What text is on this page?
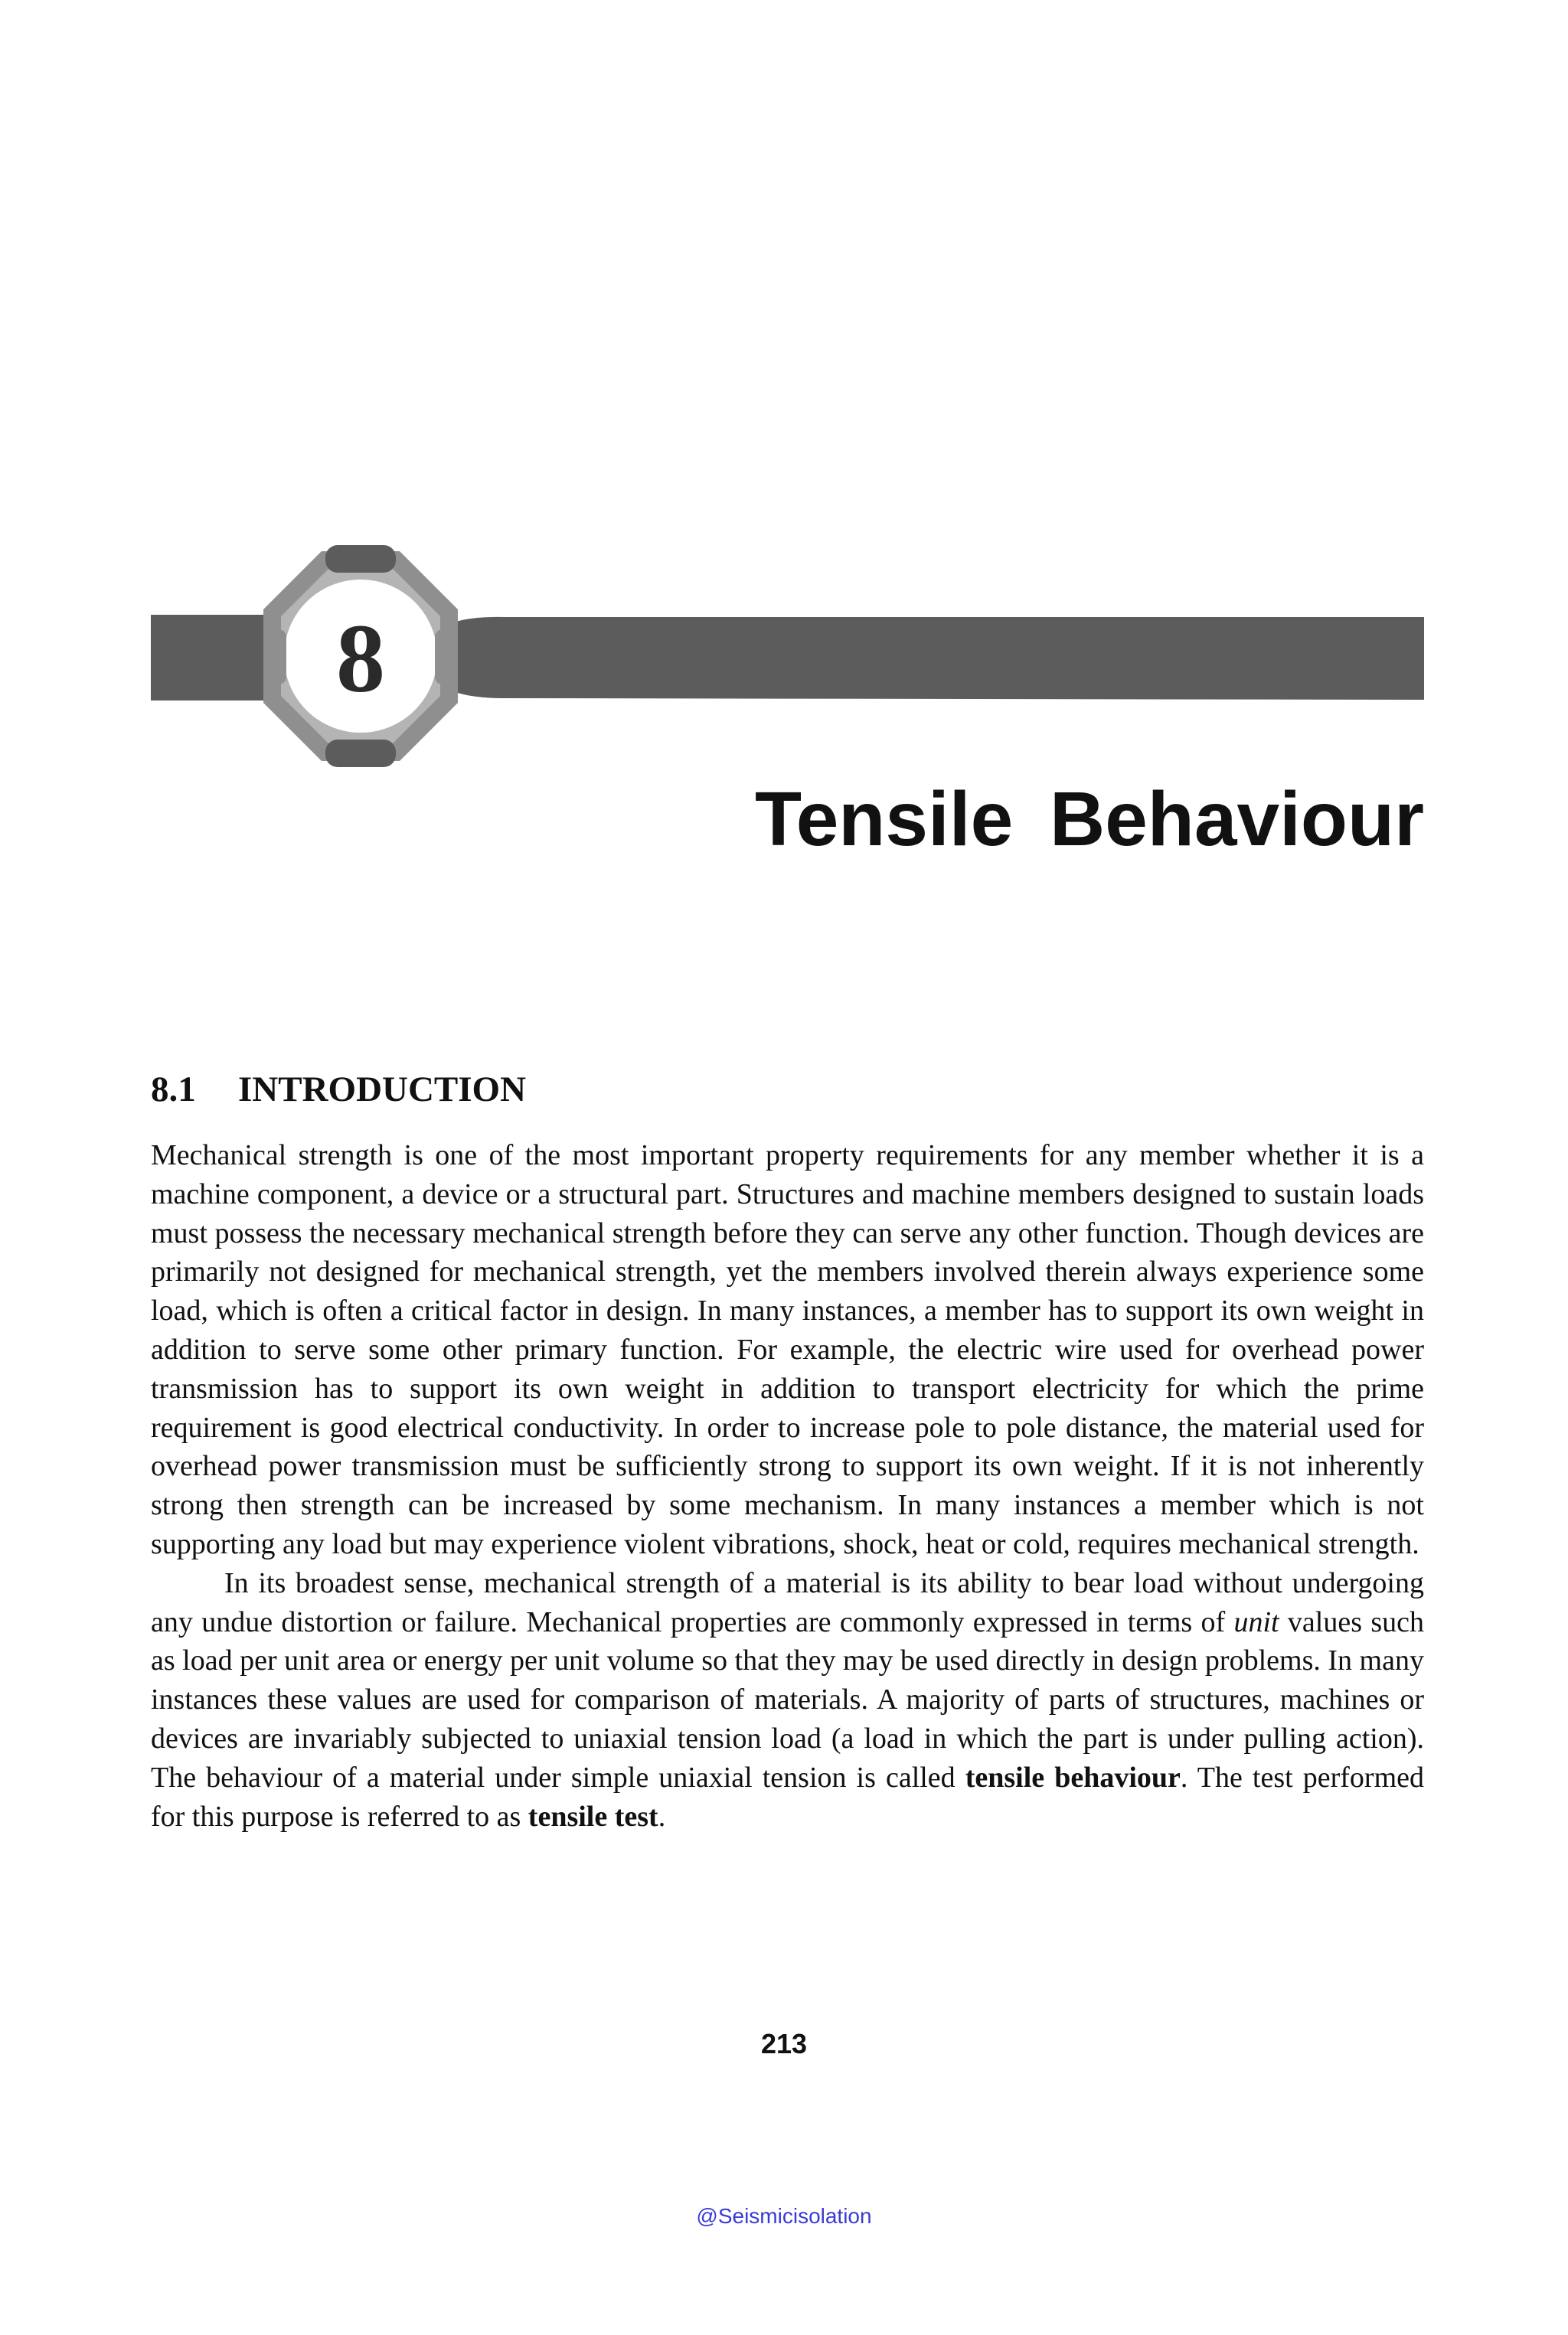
8
Tensile Behaviour
8.1 INTRODUCTION

Mechanical strength is one of the most important property requirements for any member whether it is a machine component, a device or a structural part. Structures and machine members designed to sustain loads must possess the necessary mechanical strength before they can serve any other function. Though devices are primarily not designed for mechanical strength, yet the members involved therein always experience some load, which is often a critical factor in design. In many instances, a member has to support its own weight in addition to serve some other primary function. For example, the electric wire used for overhead power transmission has to support its own weight in addition to transport electricity for which the prime requirement is good electrical conductivity. In order to increase pole to pole distance, the material used for overhead power transmission must be sufficiently strong to support its own weight. If it is not inherently strong then strength can be increased by some mechanism. In many instances a member which is not supporting any load but may experience violent vibrations, shock, heat or cold, requires mechanical strength.

In its broadest sense, mechanical strength of a material is its ability to bear load without undergoing any undue distortion or failure. Mechanical properties are commonly expressed in terms of unit values such as load per unit area or energy per unit volume so that they may be used directly in design problems. In many instances these values are used for comparison of materials. A majority of parts of structures, machines or devices are invariably subjected to uniaxial tension load (a load in which the part is under pulling action). The behaviour of a material under simple uniaxial tension is called tensile behaviour. The test performed for this purpose is referred to as tensile test.

213
@Seismicisolation
